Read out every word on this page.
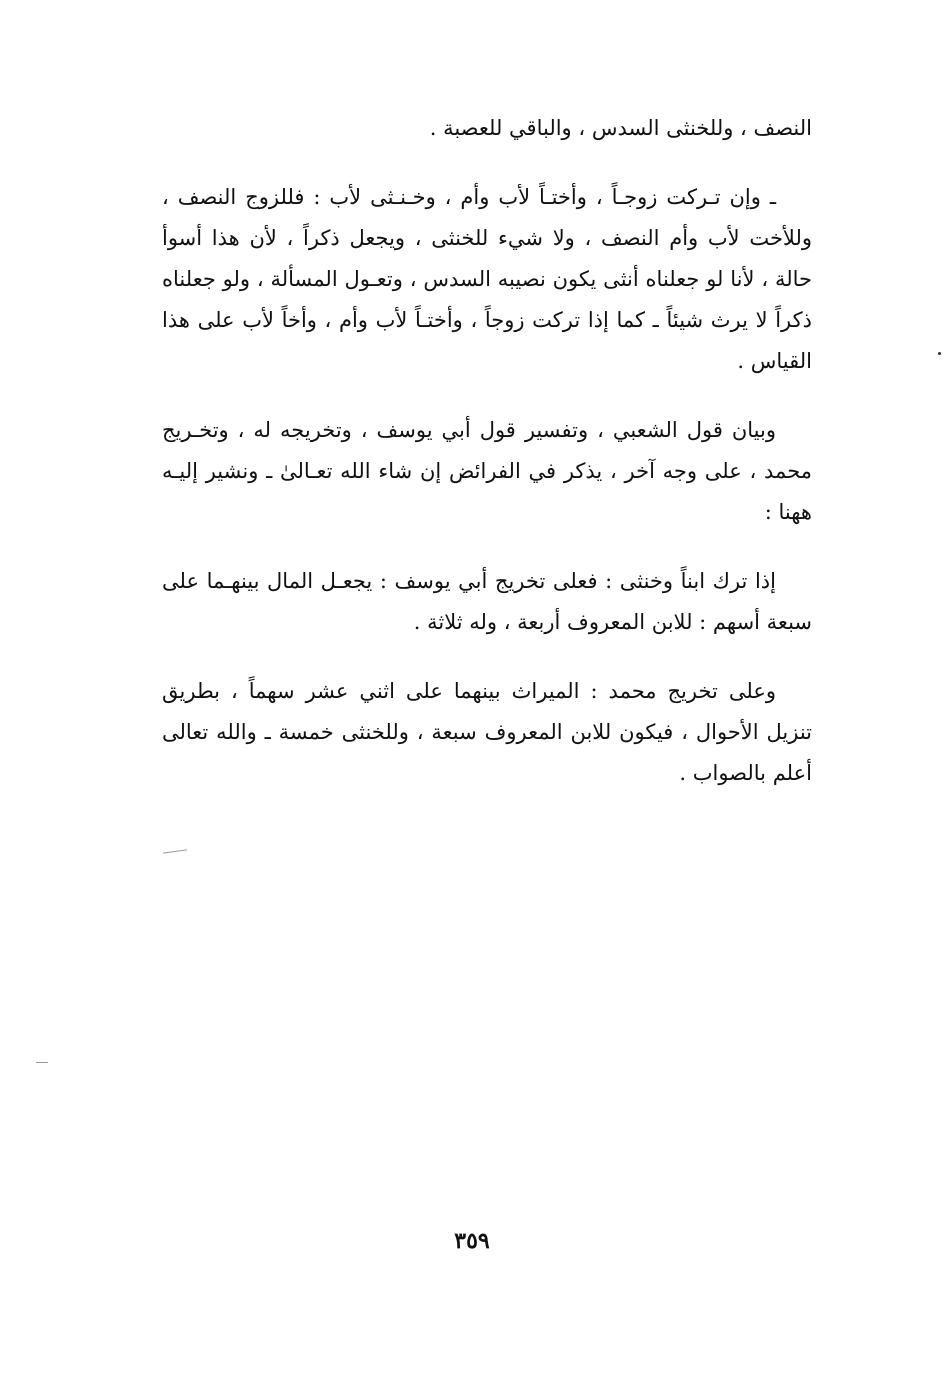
النصف ، وللخنثى السدس ، والباقي للعصبة .

ـ وإن تـركت زوجـاً ، وأختـاً لأب وأم ، وخـنـثى لأب : فللزوج النصف ، وللأخت لأب وأم النصف ، ولا شيء للخنثى ، ويجعل ذكراً ، لأن هذا أسوأ حالة ، لأنا لو جعلناه أنثى يكون نصيبه السدس ، وتعـول المسألة ، ولو جعلناه ذكراً لا يرث شيئاً ـ كما إذا تركت زوجاً ، وأختـاً لأب وأم ، وأخاً لأب على هذا القياس .

وبيان قول الشعبي ، وتفسير قول أبي يوسف ، وتخريجه له ، وتخـريج محمد ، على وجه آخر ، يذكر في الفرائض إن شاء الله تعـالىٰ ـ ونشير إليـه ههنا :

إذا ترك ابناً وخنثى : فعلى تخريج أبي يوسف : يجعـل المال بينهـما على سبعة أسهم : للابن المعروف أربعة ، وله ثلاثة .

وعلى تخريج محمد : الميراث بينهما على اثني عشر سهماً ، بطريق تنزيل الأحوال ، فيكون للابن المعروف سبعة ، وللخنثى خمسة ـ والله تعالى أعلم بالصواب .

٣٥٩
